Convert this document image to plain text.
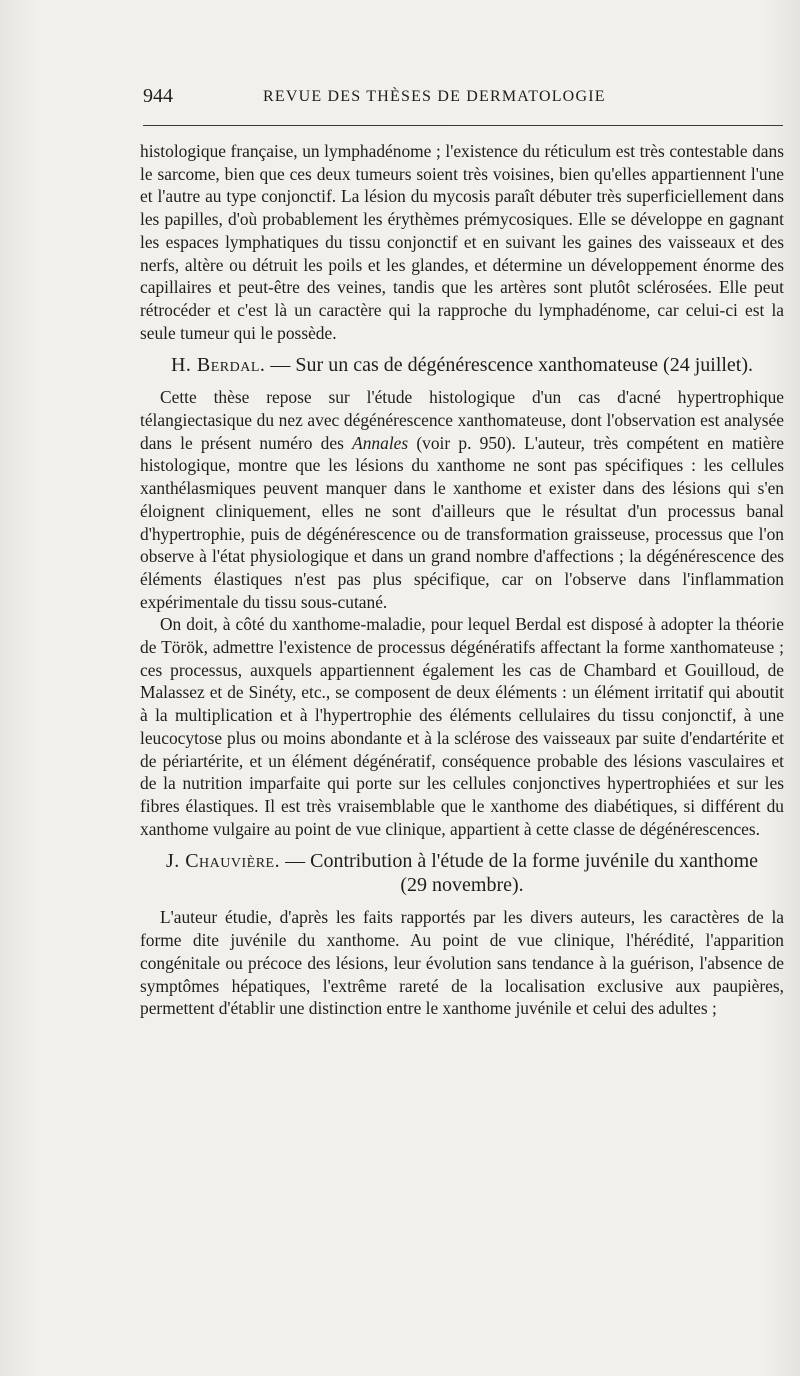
944	REVUE DES THÈSES DE DERMATOLOGIE

histologique française, un lymphadénome ; l'existence du réticulum est très contestable dans le sarcome, bien que ces deux tumeurs soient très voisines, bien qu'elles appartiennent l'une et l'autre au type conjonctif. La lésion du mycosis paraît débuter très superficiellement dans les papilles, d'où probablement les érythèmes prémycosiques. Elle se développe en gagnant les espaces lymphatiques du tissu conjonctif et en suivant les gaines des vaisseaux et des nerfs, altère ou détruit les poils et les glandes, et détermine un développement énorme des capillaires et peut-être des veines, tandis que les artères sont plutôt sclérosées. Elle peut rétrocéder et c'est là un caractère qui la rapproche du lymphadénome, car celui-ci est la seule tumeur qui le possède.

H. Berdal. — Sur un cas de dégénérescence xanthomateuse (24 juillet).

Cette thèse repose sur l'étude histologique d'un cas d'acné hypertrophique télangiectasique du nez avec dégénérescence xanthomateuse, dont l'observation est analysée dans le présent numéro des Annales (voir p. 950). L'auteur, très compétent en matière histologique, montre que les lésions du xanthome ne sont pas spécifiques : les cellules xanthélasmiques peuvent manquer dans le xanthome et exister dans des lésions qui s'en éloignent cliniquement, elles ne sont d'ailleurs que le résultat d'un processus banal d'hypertrophie, puis de dégénérescence ou de transformation graisseuse, processus que l'on observe à l'état physiologique et dans un grand nombre d'affections ; la dégénérescence des éléments élastiques n'est pas plus spécifique, car on l'observe dans l'inflammation expérimentale du tissu sous-cutané.

On doit, à côté du xanthome-maladie, pour lequel Berdal est disposé à adopter la théorie de Török, admettre l'existence de processus dégénératifs affectant la forme xanthomateuse ; ces processus, auxquels appartiennent également les cas de Chambard et Gouilloud, de Malassez et de Sinéty, etc., se composent de deux éléments : un élément irritatif qui aboutit à la multiplication et à l'hypertrophie des éléments cellulaires du tissu conjonctif, à une leucocytose plus ou moins abondante et à la sclérose des vaisseaux par suite d'endartérite et de périartérite, et un élément dégénératif, conséquence probable des lésions vasculaires et de la nutrition imparfaite qui porte sur les cellules conjonctives hypertrophiées et sur les fibres élastiques. Il est très vraisemblable que le xanthome des diabétiques, si différent du xanthome vulgaire au point de vue clinique, appartient à cette classe de dégénérescences.

J. Chauvière. — Contribution à l'étude de la forme juvénile du xanthome (29 novembre).

L'auteur étudie, d'après les faits rapportés par les divers auteurs, les caractères de la forme dite juvénile du xanthome. Au point de vue clinique, l'hérédité, l'apparition congénitale ou précoce des lésions, leur évolution sans tendance à la guérison, l'absence de symptômes hépatiques, l'extrême rareté de la localisation exclusive aux paupières, permettent d'établir une distinction entre le xanthome juvénile et celui des adultes ;
